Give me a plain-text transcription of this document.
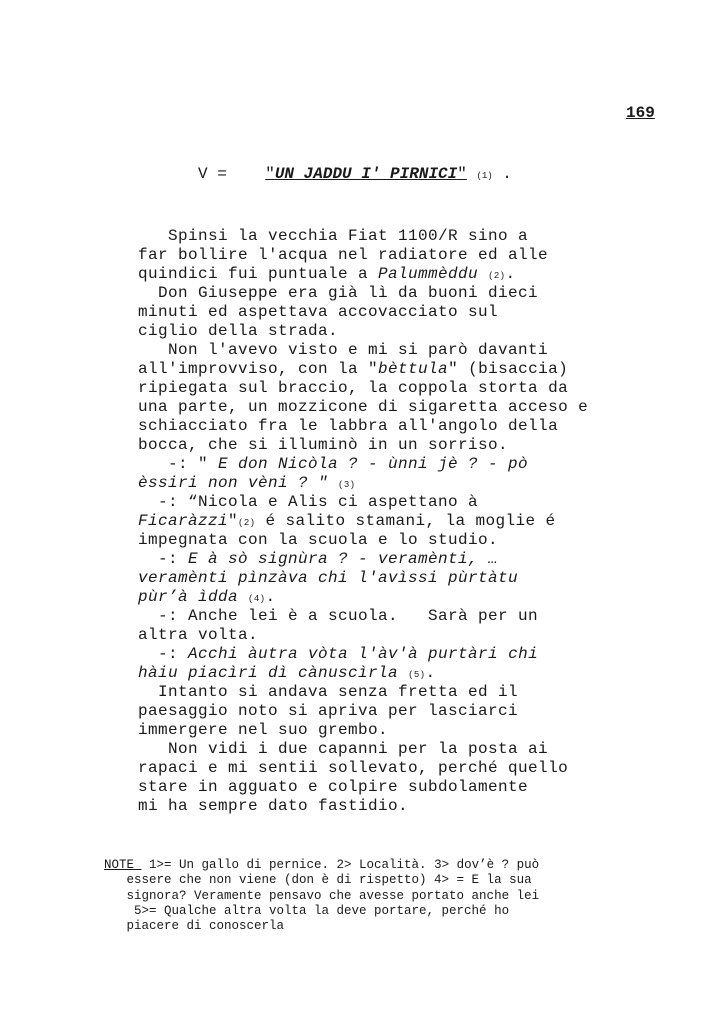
169
V = "UN JADDU I' PIRNICI" (1) .
Spinsi la vecchia Fiat 1100/R sino a
far bollire l'acqua nel radiatore ed alle
quindici fui puntuale a Palummèddu (2).
Don Giuseppe era già lì da buoni dieci
minuti ed aspettava accovacciato sul
ciglio della strada.
Non l'avevo visto e mi si parò davanti
all'improvviso, con la "bèttula" (bisaccia)
ripiegata sul braccio, la coppola storta da
una parte, un mozzicone di sigaretta acceso e
schiacciato fra le labbra all'angolo della
bocca, che si illuminò in un sorriso.
-: " E don Nicòla ? - ùnni jè ? - pò
èssiri non vèni ? " (3)
-: “Nicola e Alis ci aspettano à
Ficaràzzi"(2) é salito stamani, la moglie é
impegnata con la scuola e lo studio.
-: E à sò signùra ? - veramènti, …
veramènti pìnzàva chi l'avìssi pùrtàtu
pùr’à ìdda (4).
-: Anche lei è a scuola.   Sarà per un
altra volta.
-: Acchi àutra vòta l'àv'à purtàri chi
hàiu piacìri dì cànuscìrla (5).
Intanto si andava senza fretta ed il
paesaggio noto si apriva per lasciarci
immergere nel suo grembo.
Non vidi i due capanni per la posta ai
rapaci e mi sentii sollevato, perché quello
stare in agguato e colpire subdolamente
mi ha sempre dato fastidio.
NOTE  1>= Un gallo di pernice. 2> Località. 3> dov’è ? può
essere che non viene (don è di rispetto) 4> = E la sua
signora? Veramente pensavo che avesse portato anche lei
5>= Qualche altra volta la deve portare, perché ho
piacere di conoscerla
